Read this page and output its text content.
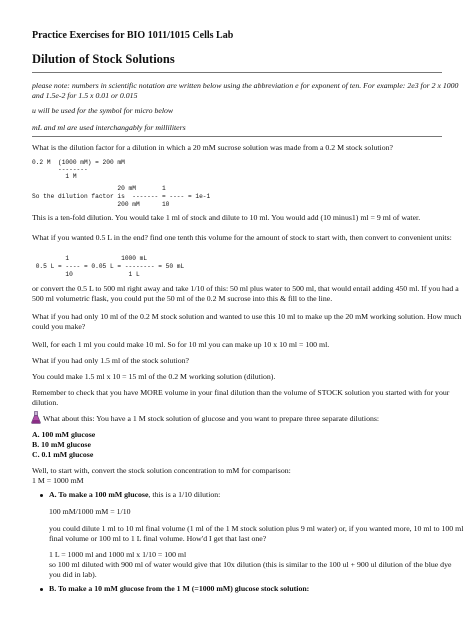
Practice Exercises for BIO 1011/1015 Cells Lab
Dilution of Stock Solutions
please note: numbers in scientific notation are written below using the abbreviation e for exponent of ten. For example: 2e3 for 2 x 1000
and 1.5e-2 for 1.5 x 0.01 or 0.015
u will be used for the symbol for micro below
mL and ml are used interchangably for milliliters
What is the dilution factor for a dilution in which a 20 mM sucrose solution was made from a 0.2 M stock solution?
0.2 M  (1000 mM) = 200 mM
--------
1 M
20 mM       1
So the dilution factor is  ------- = ---- = 1e-1
200 mM      10
This is a ten-fold dilution. You would take 1 ml of stock and dilute to 10 ml. You would add (10 minus1) ml = 9 ml of water.
What if you wanted 0.5 L in the end? find one tenth this volume for the amount of stock to start with, then convert to convenient units:
1              1000 mL
0.5 L = ---- = 0.05 L = -------- = 50 mL
10               1 L
or convert the 0.5 L to 500 ml right away and take 1/10 of this: 50 ml plus water to 500 ml, that would entail adding 450 ml. If you had a
500 ml volumetric flask, you could put the 50 ml of the 0.2 M sucrose into this & fill to the line.
What if you had only 10 ml of the 0.2 M stock solution and wanted to use this 10 ml to make up the 20 mM working solution. How much
could you make?
Well, for each 1 ml you could make 10 ml. So for 10 ml you can make up 10 x 10 ml = 100 ml.
What if you had only 1.5 ml of the stock solution?
You could make 1.5 ml x 10 = 15 ml of the 0.2 M working solution (dilution).
Remember to check that you have MORE volume in your final dilution than the volume of STOCK solution you started with for your
dilution.
What about this: You have a 1 M stock solution of glucose and you want to prepare three separate dilutions:
A. 100 mM glucose
B. 10 mM glucose
C. 0.1 mM glucose
Well, to start with, convert the stock solution concentration to mM for comparison:
1 M = 1000 mM
A. To make a 100 mM glucose, this is a 1/10 dilution:
100 mM/1000 mM = 1/10
you could dilute 1 ml to 10 ml final volume (1 ml of the 1 M stock solution plus 9 ml water) or, if you wanted more, 10 ml to 100 ml
final volume or 100 ml to 1 L final volume. How'd I get that last one?
1 L = 1000 ml and 1000 ml x 1/10 = 100 ml
so 100 ml diluted with 900 ml of water would give that 10x dilution (this is similar to the 100 ul + 900 ul dilution of the blue dye
you did in lab).
B. To make a 10 mM glucose from the 1 M (=1000 mM) glucose stock solution:
